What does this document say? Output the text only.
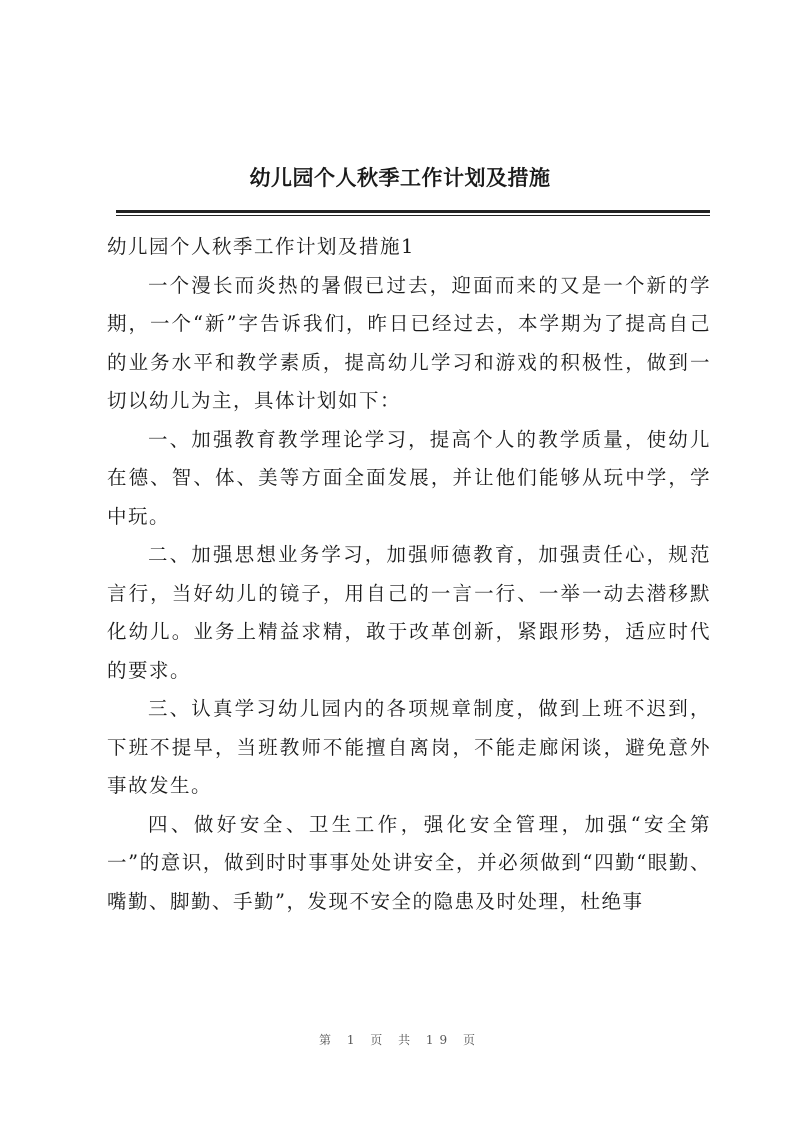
幼儿园个人秋季工作计划及措施

幼儿园个人秋季工作计划及措施1

一个漫长而炎热的暑假已过去，迎面而来的又是一个新的学期，一个“新”字告诉我们，昨日已经过去，本学期为了提高自己的业务水平和教学素质，提高幼儿学习和游戏的积极性，做到一切以幼儿为主，具体计划如下：

一、加强教育教学理论学习，提高个人的教学质量，使幼儿在德、智、体、美等方面全面发展，并让他们能够从玩中学，学中玩。

二、加强思想业务学习，加强师德教育，加强责任心，规范言行，当好幼儿的镜子，用自己的一言一行、一举一动去潜移默化幼儿。业务上精益求精，敢于改革创新，紧跟形势，适应时代的要求。

三、认真学习幼儿园内的各项规章制度，做到上班不迟到，下班不提早，当班教师不能擅自离岗，不能走廊闲谈，避免意外事故发生。

四、做好安全、卫生工作，强化安全管理，加强“安全第一”的意识，做到时时事事处处讲安全，并必须做到“四勤“眼勤、嘴勤、脚勤、手勤”，发现不安全的隐患及时处理，杜绝事

第 1 页 共 19 页
